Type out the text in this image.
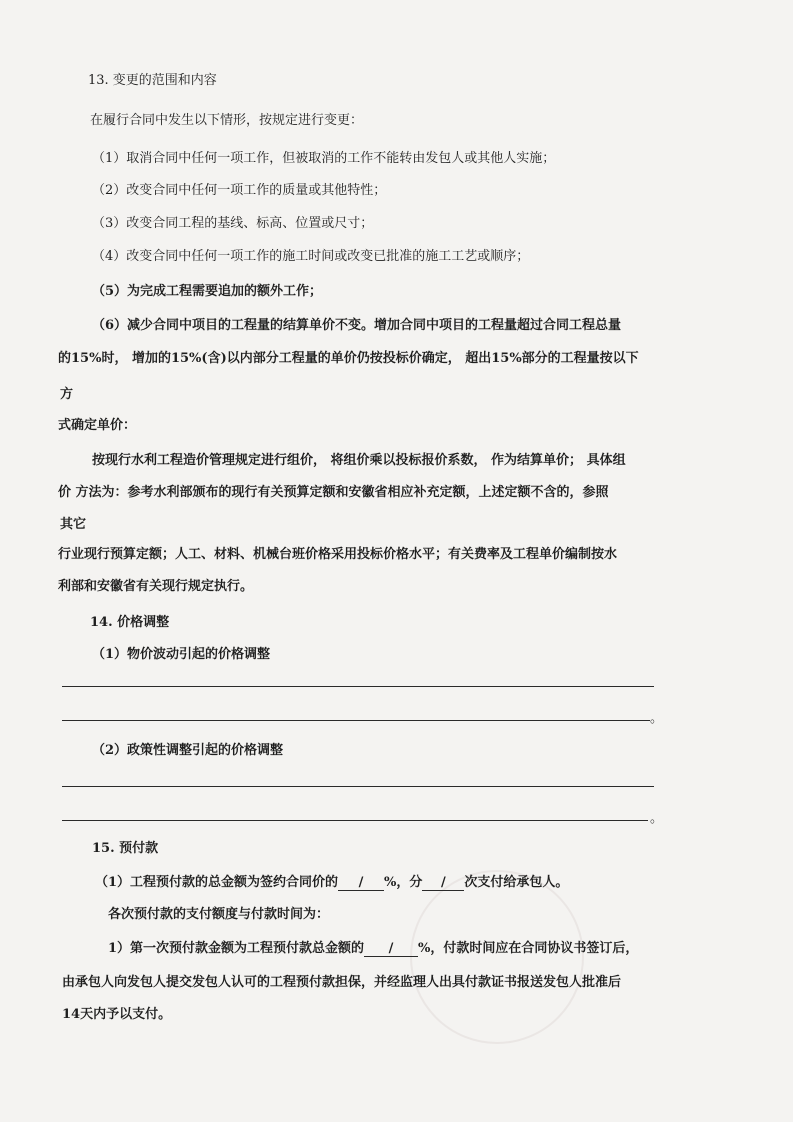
13. 变更的范围和内容
在履行合同中发生以下情形，按规定进行变更：
（1）取消合同中任何一项工作，但被取消的工作不能转由发包人或其他人实施；
（2）改变合同中任何一项工作的质量或其他特性；
（3）改变合同工程的基线、标高、位置或尺寸；
（4）改变合同中任何一项工作的施工时间或改变已批准的施工工艺或顺序；
（5）为完成工程需要追加的额外工作；
（6）减少合同中项目的工程量的结算单价不变。增加合同中项目的工程量超过合同工程总量
的15%时， 增加的15%(含)以内部分工程量的单价仍按投标价确定， 超出15%部分的工程量按以下
方
式确定单价：
按现行水利工程造价管理规定进行组价， 将组价乘以投标报价系数， 作为结算单价； 具体组
价 方法为：参考水利部颁布的现行有关预算定额和安徽省相应补充定额，上述定额不含的，参照
其它
行业现行预算定额；人工、材料、机械台班价格采用投标价格水平；有关费率及工程单价编制按水
利部和安徽省有关现行规定执行。
14. 价格调整
（1）物价波动引起的价格调整
。
（2）政策性调整引起的价格调整
。
15. 预付款
（1）工程预付款的总金额为签约合同价的 / %，分 / 次支付给承包人。
各次预付款的支付额度与付款时间为：
1）第一次预付款金额为工程预付款总金额的 / %，付款时间应在合同协议书签订后，
由承包人向发包人提交发包人认可的工程预付款担保，并经监理人出具付款证书报送发包人批准后
14天内予以支付。
